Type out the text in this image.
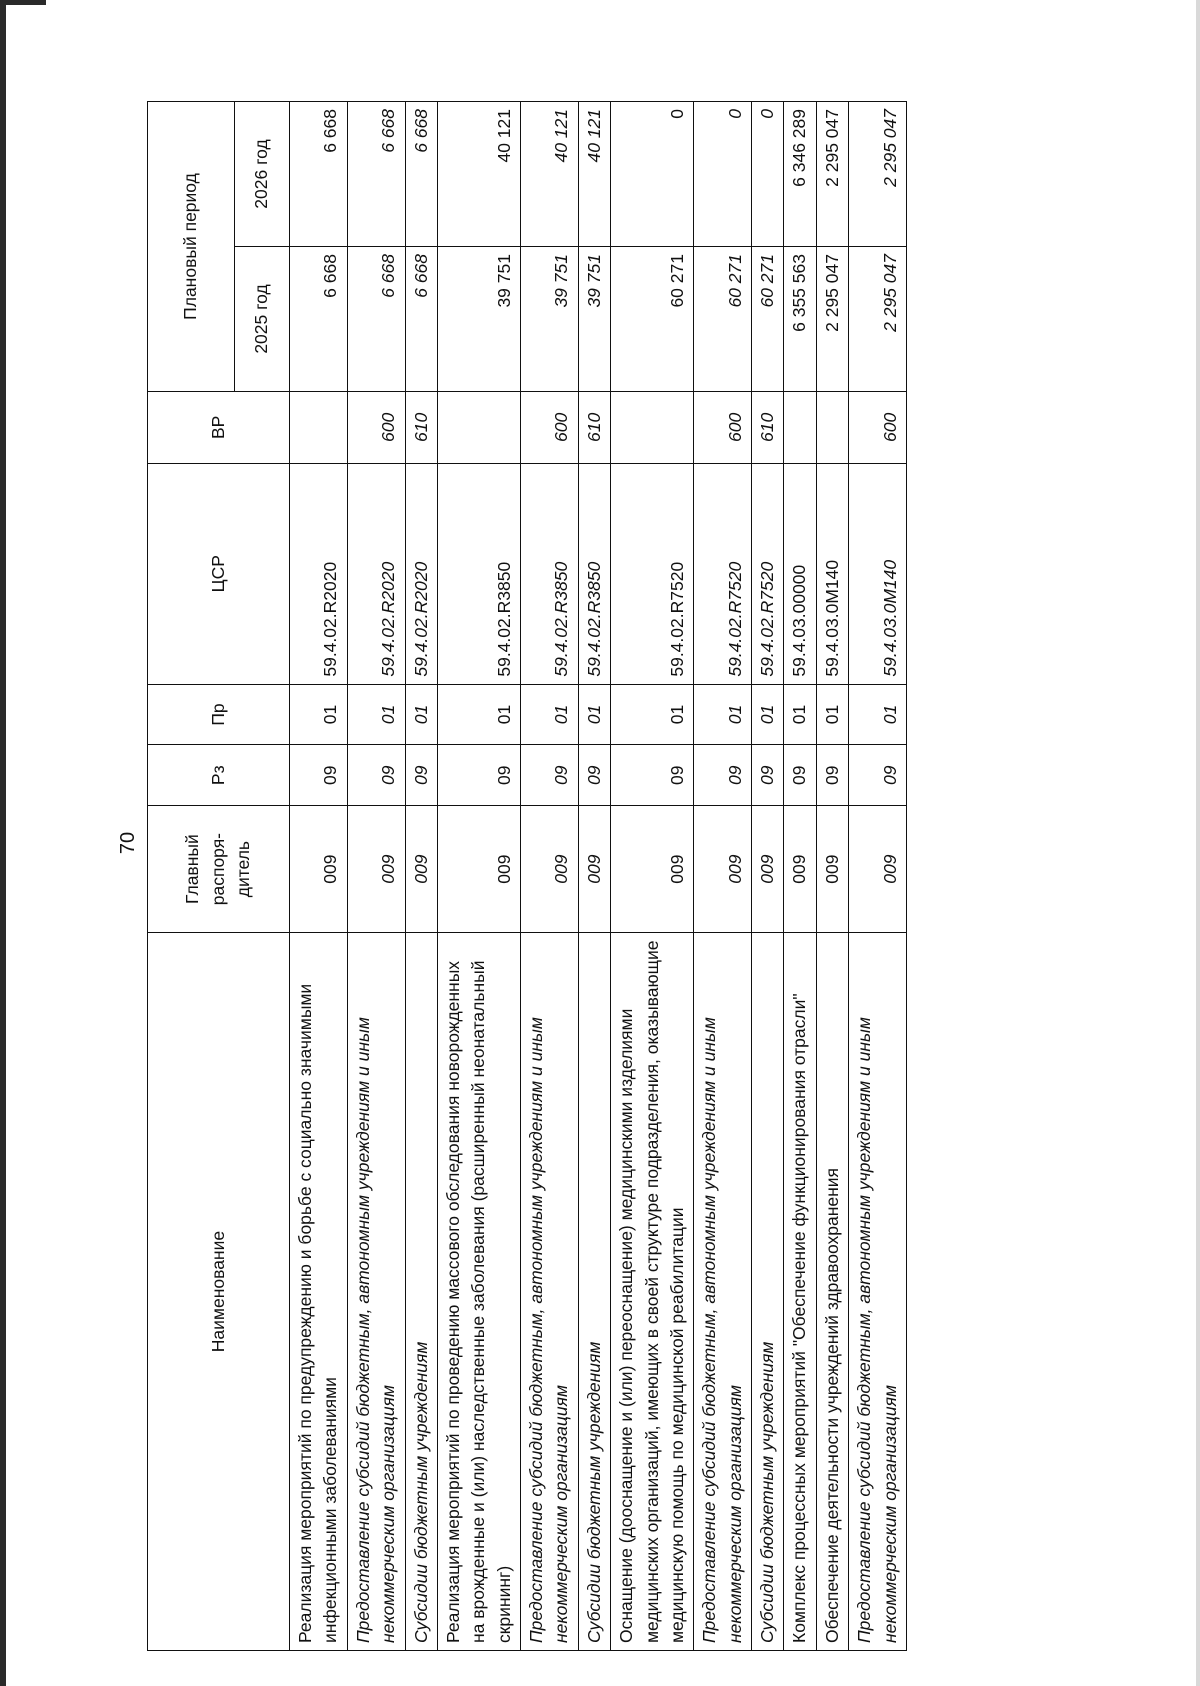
70
Наименование	Главный распоря- дитель	Рз	Пр	ЦСР	ВР	Плановый период	
						2025 год	2026 год
Реализация мероприятий по предупреждению и борьбе с социально значимыми инфекционными заболеваниями	009	09	01	59.4.02.R2020		6 668	6 668
Предоставление субсидий бюджетным, автономным учреждениям и иным некоммерческим организациям	009	09	01	59.4.02.R2020	600	6 668	6 668
Субсидии бюджетным учреждениям	009	09	01	59.4.02.R2020	610	6 668	6 668
Реализация мероприятий по проведению массового обследования новорожденных на врожденные и (или) наследственные заболевания (расширенный неонатальный скрининг)	009	09	01	59.4.02.R3850		39 751	40 121
Предоставление субсидий бюджетным, автономным учреждениям и иным некоммерческим организациям	009	09	01	59.4.02.R3850	600	39 751	40 121
Субсидии бюджетным учреждениям	009	09	01	59.4.02.R3850	610	39 751	40 121
Оснащение (дооснащение и (или) переоснащение) медицинскими изделиями медицинских организаций, имеющих в своей структуре подразделения, оказывающие медицинскую помощь по медицинской реабилитации	009	09	01	59.4.02.R7520		60 271	0
Предоставление субсидий бюджетным, автономным учреждениям и иным некоммерческим организациям	009	09	01	59.4.02.R7520	600	60 271	0
Субсидии бюджетным учреждениям	009	09	01	59.4.02.R7520	610	60 271	0
Комплекс процессных мероприятий "Обеспечение функционирования отрасли"	009	09	01	59.4.03.00000		6 355 563	6 346 289
Обеспечение деятельности учреждений здравоохранения	009	09	01	59.4.03.0М140		2 295 047	2 295 047
Предоставление субсидий бюджетным, автономным учреждениям и иным некоммерческим организациям	009	09	01	59.4.03.0М140	600	2 295 047	2 295 047
